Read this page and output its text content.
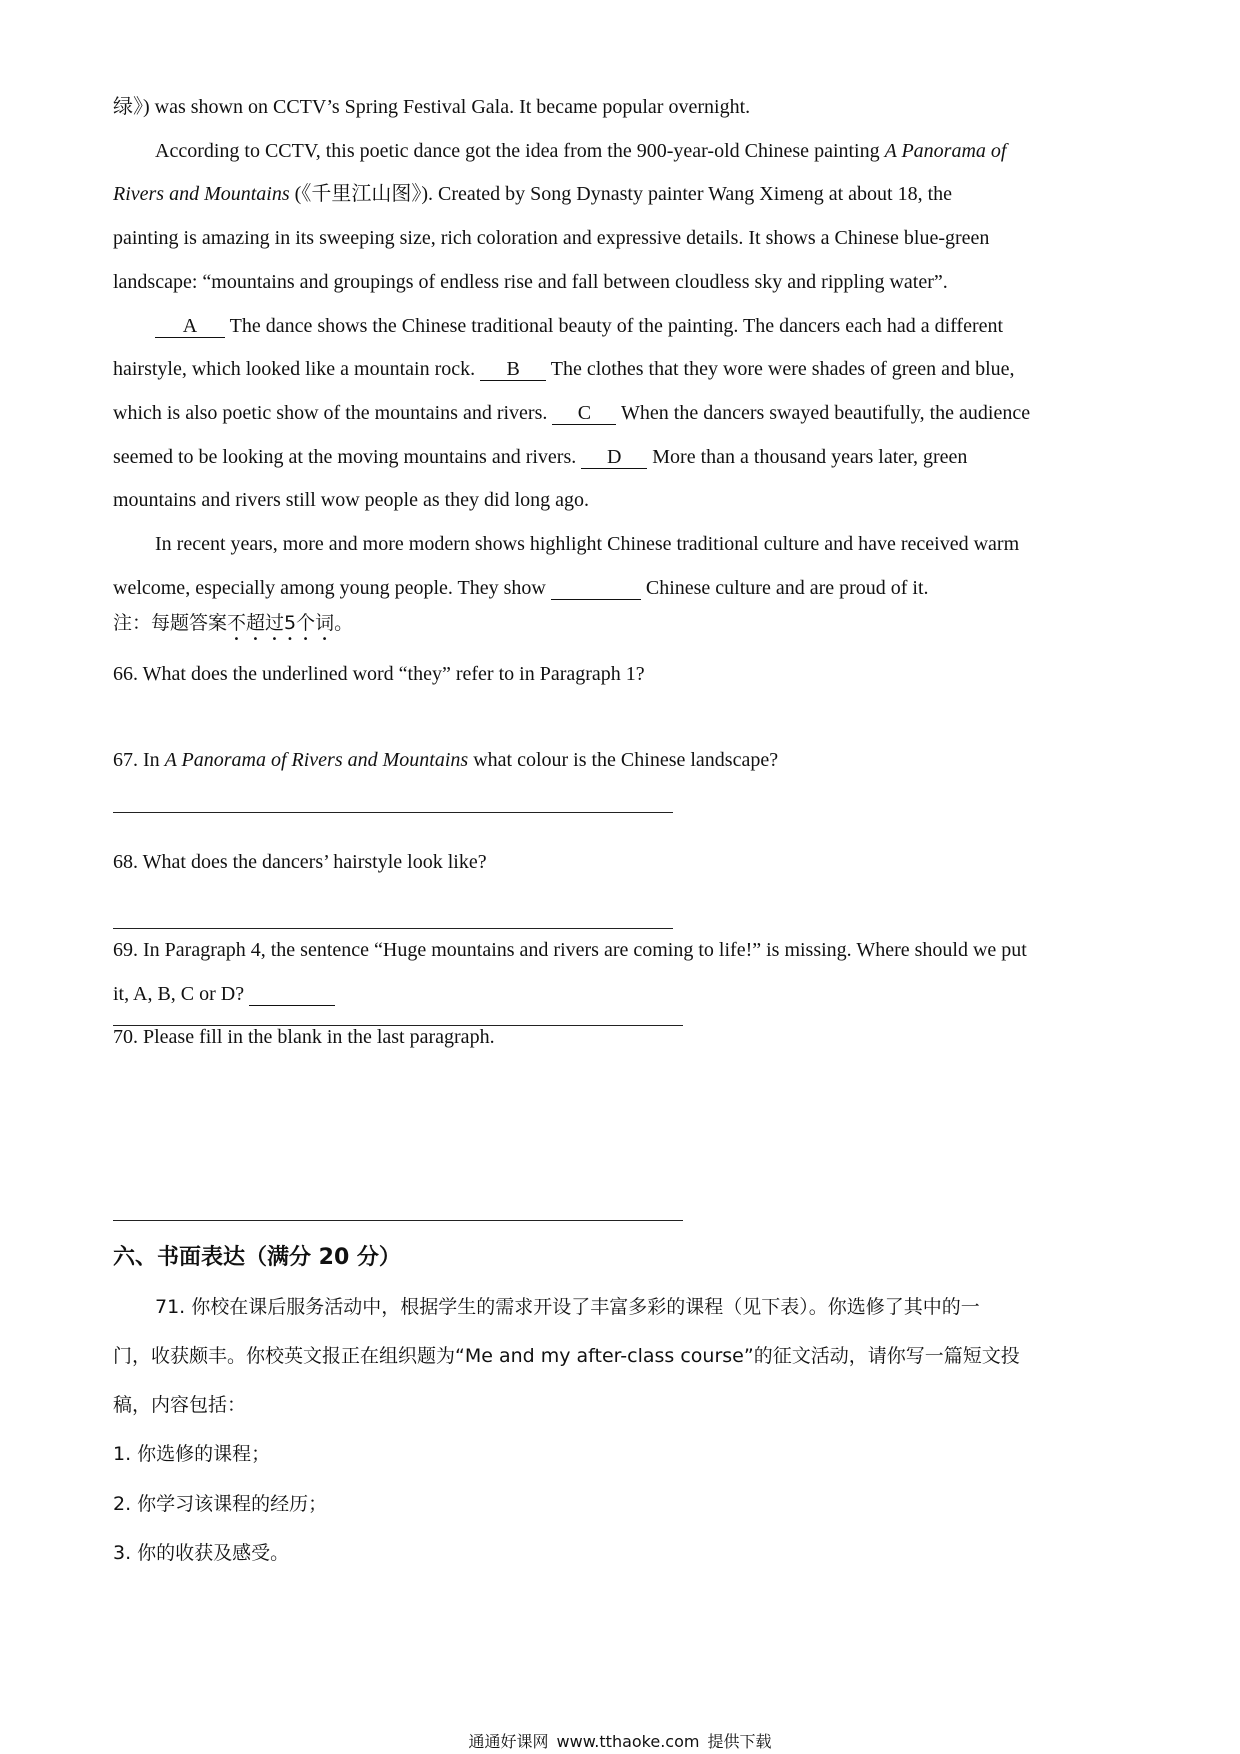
绿》) was shown on CCTV’s Spring Festival Gala. It became popular overnight.
According to CCTV, this poetic dance got the idea from the 900-year-old Chinese painting A Panorama of
Rivers and Mountains (《千里江山图》). Created by Song Dynasty painter Wang Ximeng at about 18, the
painting is amazing in its sweeping size, rich coloration and expressive details. It shows a Chinese blue-green
landscape: “mountains and groupings of endless rise and fall between cloudless sky and rippling water”.
A The dance shows the Chinese traditional beauty of the painting. The dancers each had a different
hairstyle, which looked like a mountain rock. B The clothes that they wore were shades of green and blue,
which is also poetic show of the mountains and rivers. C When the dancers swayed beautifully, the audience
seemed to be looking at the moving mountains and rivers. D More than a thousand years later, green
mountains and rivers still wow people as they did long ago.
In recent years, more and more modern shows highlight Chinese traditional culture and have received warm
welcome, especially among young people. They show	Chinese culture and are proud of it.
注：每题答案不超过5个词。
66. What does the underlined word “they” refer to in Paragraph 1?
67. In A Panorama of Rivers and Mountains what colour is the Chinese landscape?
68. What does the dancers’ hairstyle look like?
69. In Paragraph 4, the sentence “Huge mountains and rivers are coming to life!” is missing. Where should we put
it, A, B, C or D?
70. Please fill in the blank in the last paragraph.
六、书面表达（满分 20 分）
71. 你校在课后服务活动中，根据学生的需求开设了丰富多彩的课程（见下表）。你选修了其中的一
门，收获颇丰。你校英文报正在组织题为“Me and my after-class course”的征文活动，请你写一篇短文投
稿，内容包括：
1. 你选修的课程；
2. 你学习该课程的经历；
3. 你的收获及感受。
通通好课网 www.tthaoke.com 提供下载
